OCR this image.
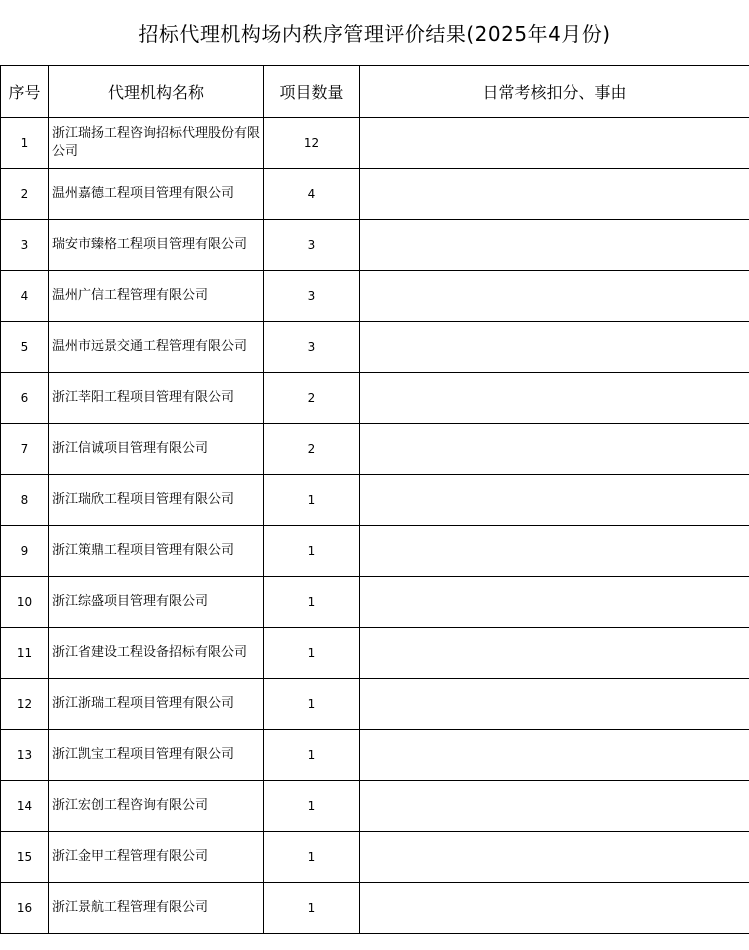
招标代理机构场内秩序管理评价结果(2025年4月份)
序号	代理机构名称	项目数量	日常考核扣分、事由
1	浙江瑞扬工程咨询招标代理股份有限公司	12	
2	温州嘉德工程项目管理有限公司	4	
3	瑞安市臻格工程项目管理有限公司	3	
4	温州广信工程管理有限公司	3	
5	温州市远景交通工程管理有限公司	3	
6	浙江莘阳工程项目管理有限公司	2	
7	浙江信诚项目管理有限公司	2	
8	浙江瑞欣工程项目管理有限公司	1	
9	浙江策鼎工程项目管理有限公司	1	
10	浙江综盛项目管理有限公司	1	
11	浙江省建设工程设备招标有限公司	1	
12	浙江浙瑞工程项目管理有限公司	1	
13	浙江凯宝工程项目管理有限公司	1	
14	浙江宏创工程咨询有限公司	1	
15	浙江金甲工程管理有限公司	1	
16	浙江景航工程管理有限公司	1	
